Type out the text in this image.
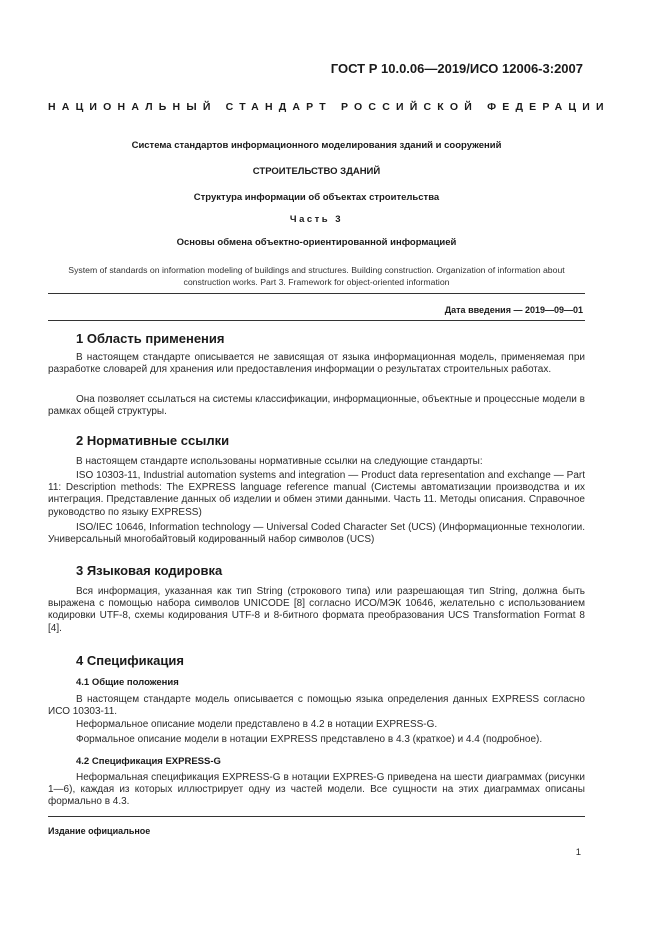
ГОСТ Р 10.0.06—2019/ИСО 12006-3:2007
НАЦИОНАЛЬНЫЙ СТАНДАРТ РОССИЙСКОЙ ФЕДЕРАЦИИ
Система стандартов информационного моделирования зданий и сооружений
СТРОИТЕЛЬСТВО ЗДАНИЙ
Структура информации об объектах строительства
Часть 3
Основы обмена объектно-ориентированной информацией
System of standards on information modeling of buildings and structures. Building construction. Organization of information about construction works. Part 3. Framework for object-oriented information
Дата введения — 2019—09—01
1 Область применения
В настоящем стандарте описывается не зависящая от языка информационная модель, применяемая при разработке словарей для хранения или предоставления информации о результатах строительных работах.
Она позволяет ссылаться на системы классификации, информационные, объектные и процессные модели в рамках общей структуры.
2 Нормативные ссылки
В настоящем стандарте использованы нормативные ссылки на следующие стандарты:
ISO 10303-11, Industrial automation systems and integration — Product data representation and exchange — Part 11: Description methods: The EXPRESS language reference manual (Системы автоматизации производства и их интеграция. Представление данных об изделии и обмен этими данными. Часть 11. Методы описания. Справочное руководство по языку EXPRESS)
ISO/IEC 10646, Information technology — Universal Coded Character Set (UCS) (Информационные технологии. Универсальный многобайтовый кодированный набор символов (UCS)
3 Языковая кодировка
Вся информация, указанная как тип String (строкового типа) или разрешающая тип String, должна быть выражена с помощью набора символов UNICODE [8] согласно ИСО/МЭК 10646, желательно с использованием кодировки UTF-8, схемы кодирования UTF-8 и 8-битного формата преобразования UCS Transformation Format 8 [4].
4 Спецификация
4.1 Общие положения
В настоящем стандарте модель описывается с помощью языка определения данных EXPRESS согласно ИСО 10303-11.
Неформальное описание модели представлено в 4.2 в нотации EXPRESS-G.
Формальное описание модели в нотации EXPRESS представлено в 4.3 (краткое) и 4.4 (подробное).
4.2 Спецификация EXPRESS-G
Неформальная спецификация EXPRESS-G в нотации EXPRES-G приведена на шести диаграммах (рисунки 1—6), каждая из которых иллюстрирует одну из частей модели. Все сущности на этих диаграммах описаны формально в 4.3.
Издание официальное
1
